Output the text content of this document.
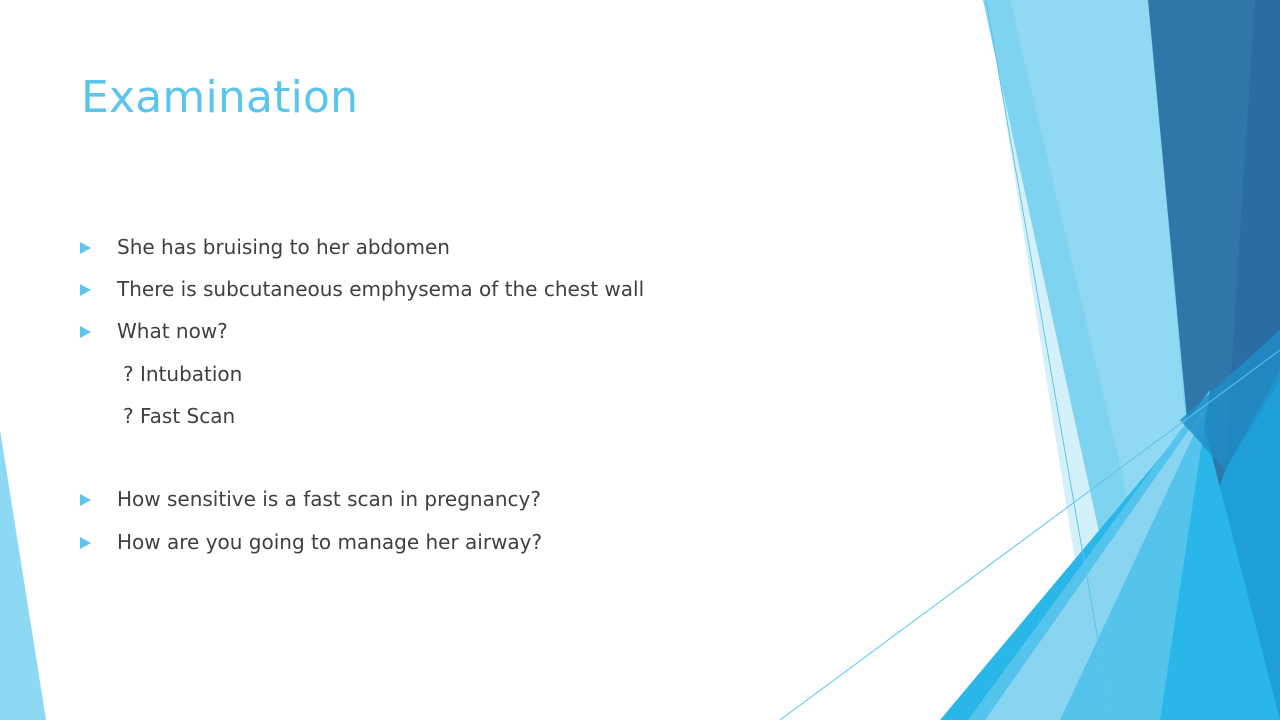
Examination
She has bruising to her abdomen
There is subcutaneous emphysema of the chest wall
What now?
? Intubation
? Fast Scan
How sensitive is a fast scan in pregnancy?
How are you going to manage her airway?
